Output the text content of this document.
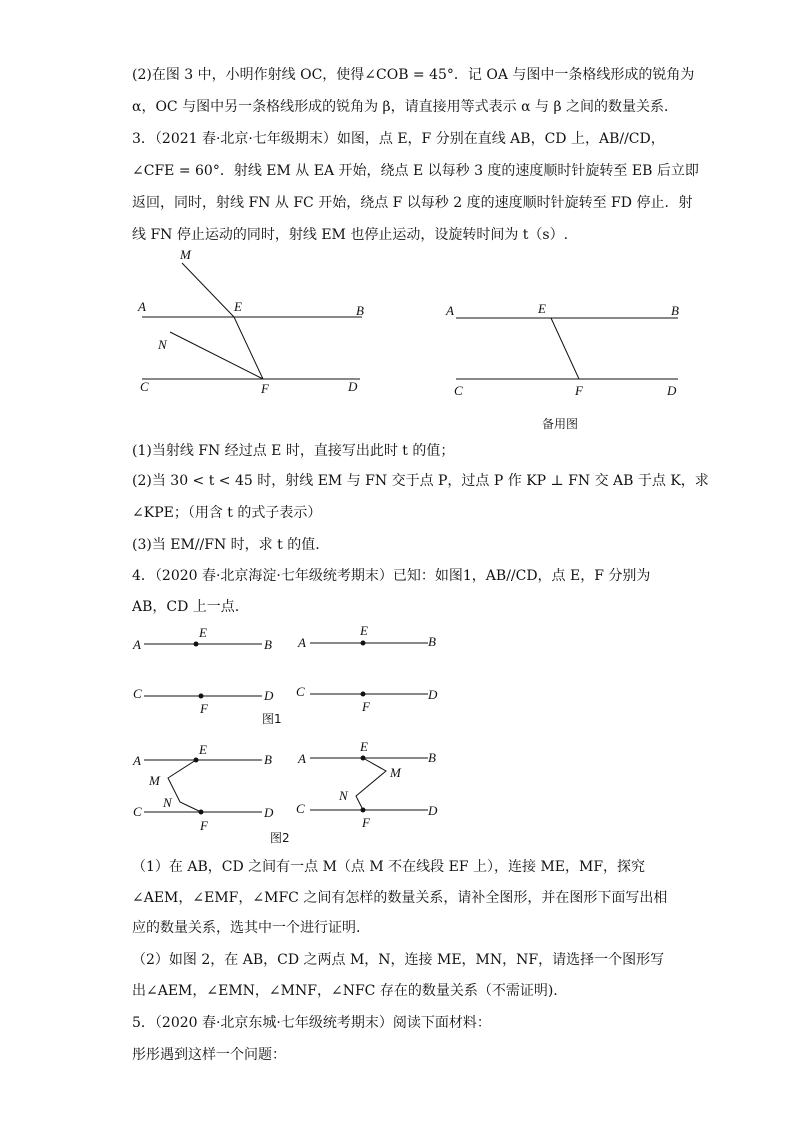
(2)在图 3 中，小明作射线 OC，使得∠COB = 45°．记 OA 与图中一条格线形成的锐角为
α，OC 与图中另一条格线形成的锐角为 β，请直接用等式表示 α 与 β 之间的数量关系．
3．（2021 春·北京·七年级期末）如图，点 E，F 分别在直线 AB，CD 上，AB//CD，
∠CFE = 60°．射线 EM 从 EA 开始，绕点 E 以每秒 3 度的速度顺时针旋转至 EB 后立即
返回，同时，射线 FN 从 FC 开始，绕点 F 以每秒 2 度的速度顺时针旋转至 FD 停止．射
线 FN 停止运动的同时，射线 EM 也停止运动，设旋转时间为 t（s）.
M
A	E	B
N
C	F	D
A	E	B
C	F	D
备用图
(1)当射线 FN 经过点 E 时，直接写出此时 t 的值；
(2)当 30 < t < 45 时，射线 EM 与 FN 交于点 P，过点 P 作 KP ⊥ FN 交 AB 于点 K，求
∠KPE；（用含 t 的式子表示）
(3)当 EM//FN 时，求 t 的值.
4．（2020 春·北京海淀·七年级统考期末）已知：如图1，AB//CD，点 E，F 分别为
AB，CD 上一点.
A
E
B
C
F
D
A
E
B
C
F
D
图1
A
E
B
M
N
C
F
D
A
E
B
M
N
C
F
D
图2
（1）在 AB，CD 之间有一点 M（点 M 不在线段 EF 上），连接 ME，MF，探究
∠AEM，∠EMF，∠MFC 之间有怎样的数量关系，请补全图形，并在图形下面写出相
应的数量关系，选其中一个进行证明.
（2）如图 2，在 AB，CD 之两点 M，N，连接 ME，MN，NF，请选择一个图形写
出∠AEM，∠EMN，∠MNF，∠NFC 存在的数量关系（不需证明).
5．（2020 春·北京东城·七年级统考期末）阅读下面材料：
彤彤遇到这样一个问题：
